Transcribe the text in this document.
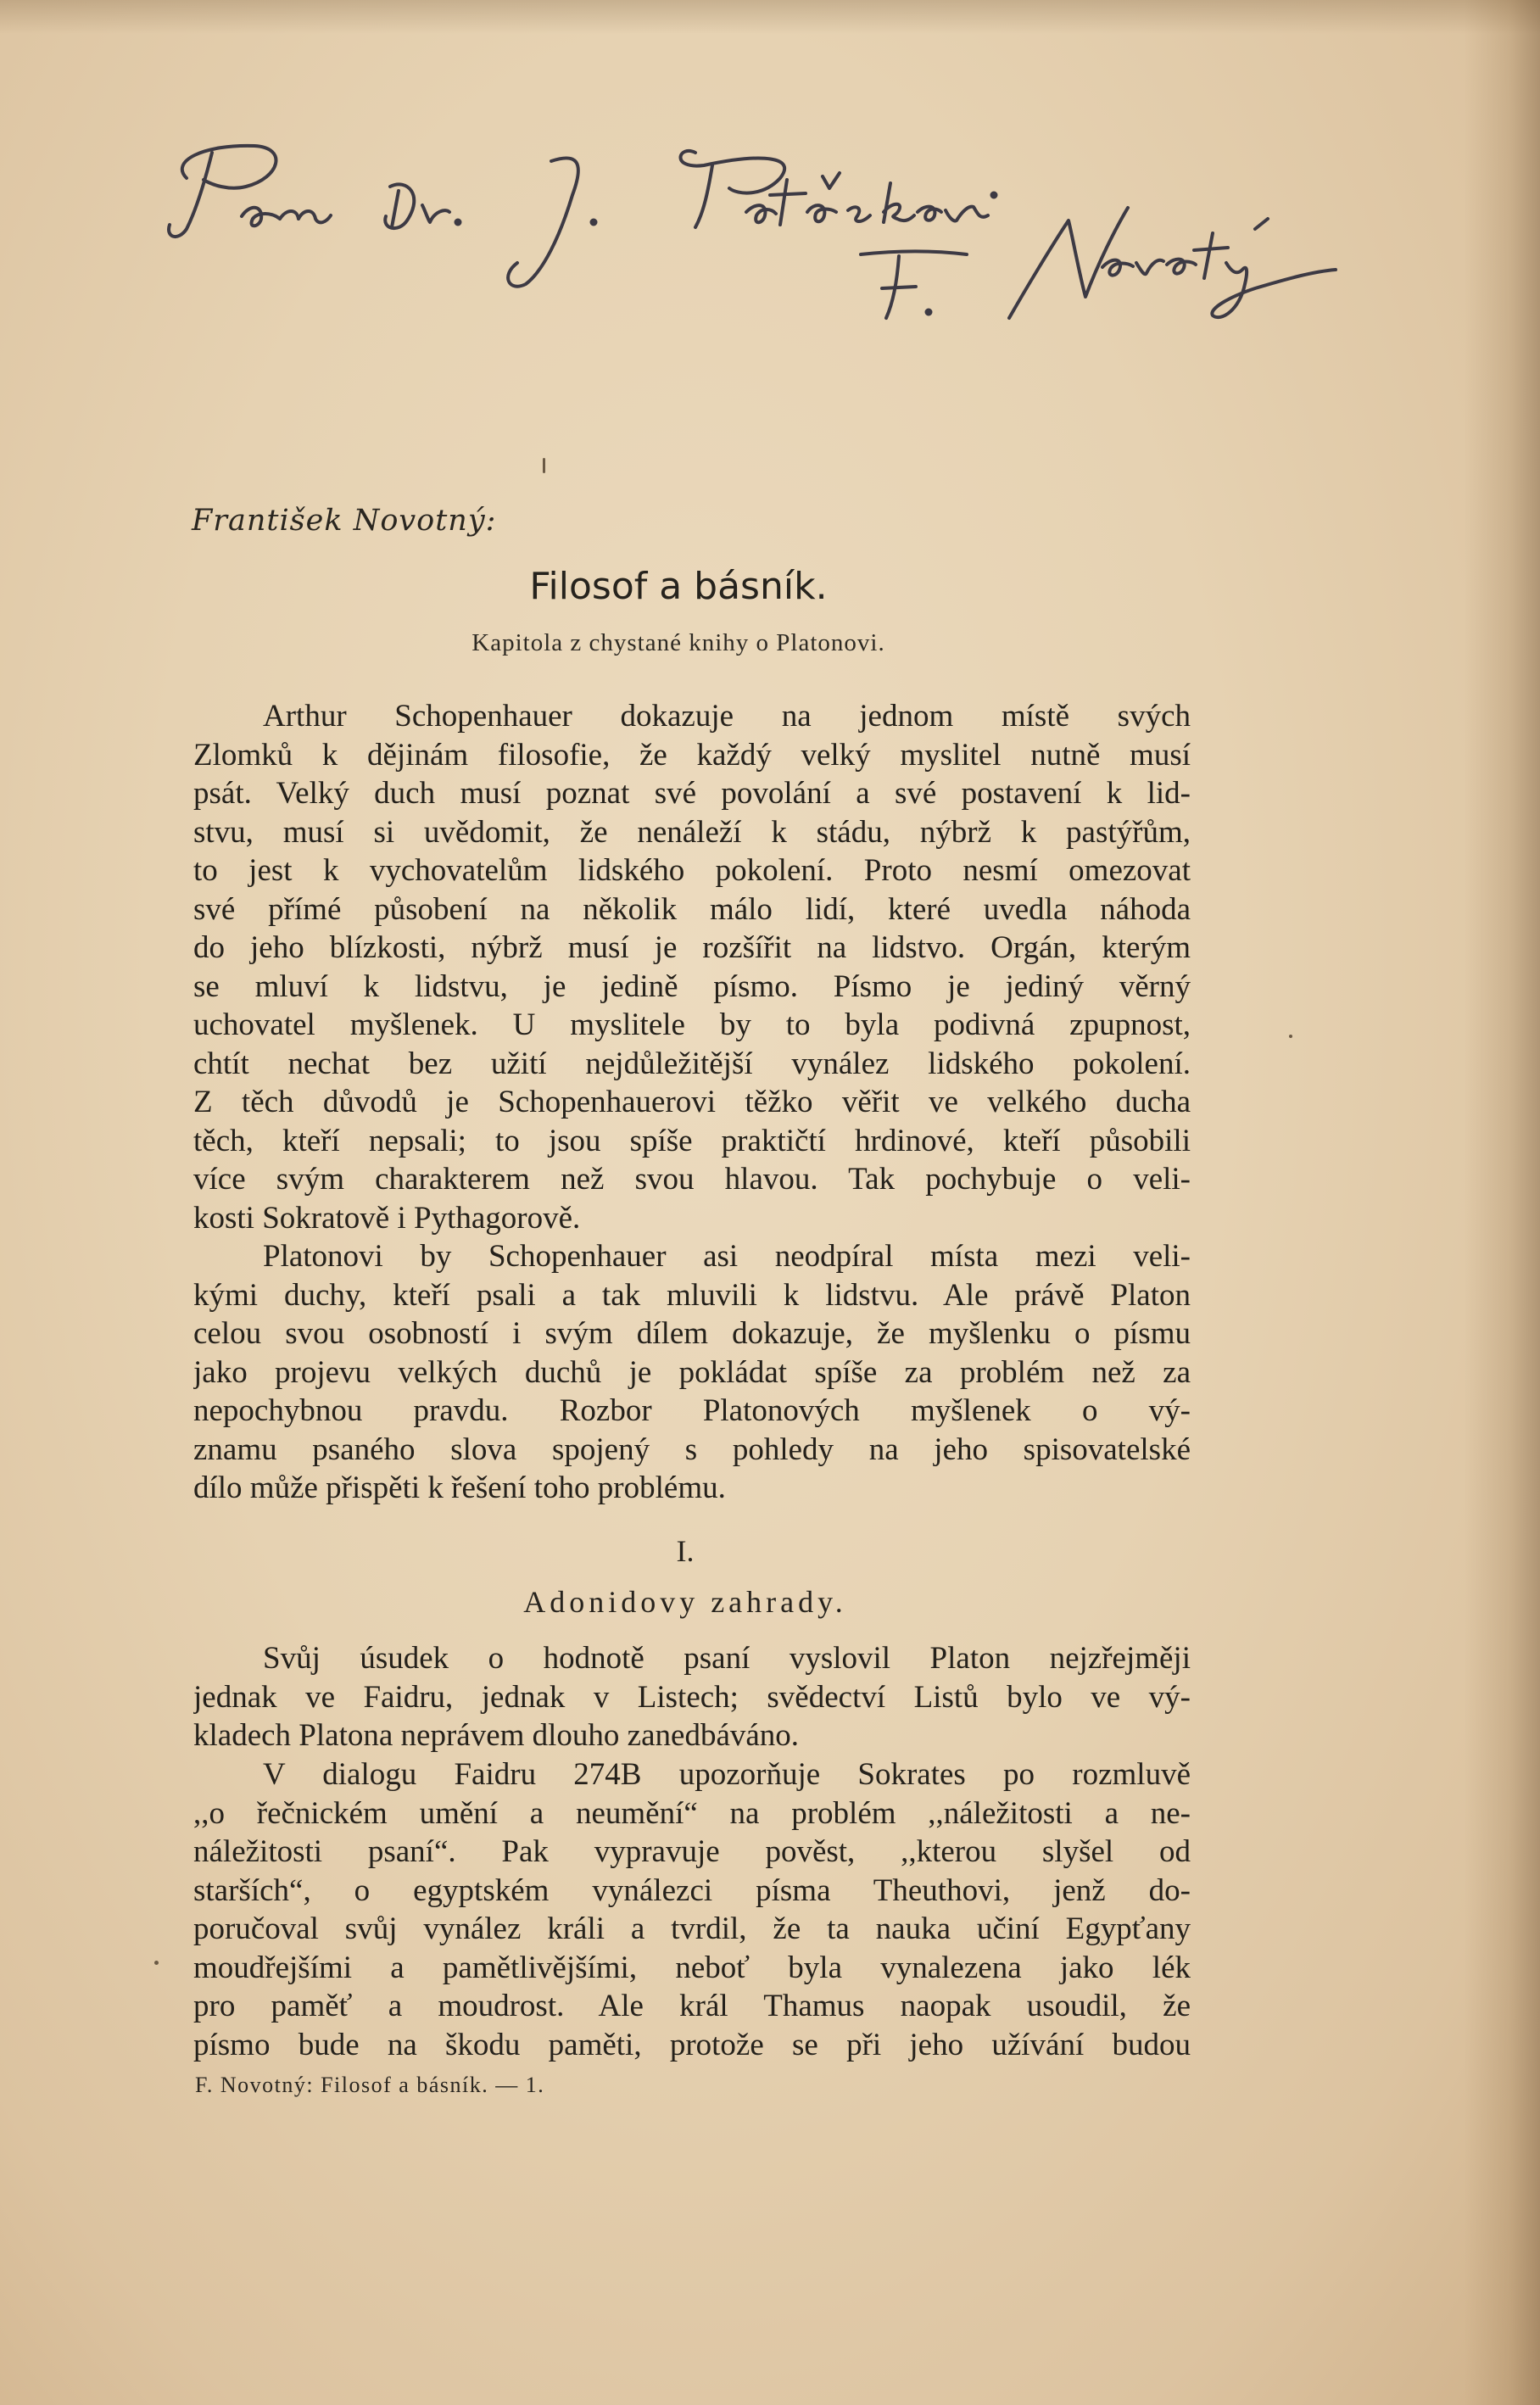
František Novotný:
Filosof a básník.
Kapitola z chystané knihy o Platonovi.
Arthur Schopenhauer dokazuje na jednom místě svých
Zlomků k dějinám filosofie, že každý velký myslitel nutně musí
psát. Velký duch musí poznat své povolání a své postavení k lid-
stvu, musí si uvědomit, že nenáleží k stádu, nýbrž k pastýřům,
to jest k vychovatelům lidského pokolení. Proto nesmí omezovat
své přímé působení na několik málo lidí, které uvedla náhoda
do jeho blízkosti, nýbrž musí je rozšířit na lidstvo. Orgán, kterým
se mluví k lidstvu, je jedině písmo. Písmo je jediný věrný
uchovatel myšlenek. U myslitele by to byla podivná zpupnost,
chtít nechat bez užití nejdůležitější vynález lidského pokolení.
Z těch důvodů je Schopenhauerovi těžko věřit ve velkého ducha
těch, kteří nepsali; to jsou spíše praktičtí hrdinové, kteří působili
více svým charakterem než svou hlavou. Tak pochybuje o veli-
kosti Sokratově i Pythagorově.
Platonovi by Schopenhauer asi neodpíral místa mezi veli-
kými duchy, kteří psali a tak mluvili k lidstvu. Ale právě Platon
celou svou osobností i svým dílem dokazuje, že myšlenku o písmu
jako projevu velkých duchů je pokládat spíše za problém než za
nepochybnou pravdu. Rozbor Platonových myšlenek o vý-
znamu psaného slova spojený s pohledy na jeho spisovatelské
dílo může přispěti k řešení toho problému.
I.
Adonidovy zahrady.
Svůj úsudek o hodnotě psaní vyslovil Platon nejzřejměji
jednak ve Faidru, jednak v Listech; svědectví Listů bylo ve vý-
kladech Platona neprávem dlouho zanedbáváno.
V dialogu Faidru 274B upozorňuje Sokrates po rozmluvě
,,o řečnickém umění a neumění“ na problém ,,náležitosti a ne-
náležitosti psaní“. Pak vypravuje pověst, ,,kterou slyšel od
starších“, o egyptském vynálezci písma Theuthovi, jenž do-
poručoval svůj vynález králi a tvrdil, že ta nauka učiní Egypťany
moudřejšími a pamětlivějšími, neboť byla vynalezena jako lék
pro paměť a moudrost. Ale král Thamus naopak usoudil, že
písmo bude na škodu paměti, protože se při jeho užívání budou
F. Novotný: Filosof a básník. — 1.
